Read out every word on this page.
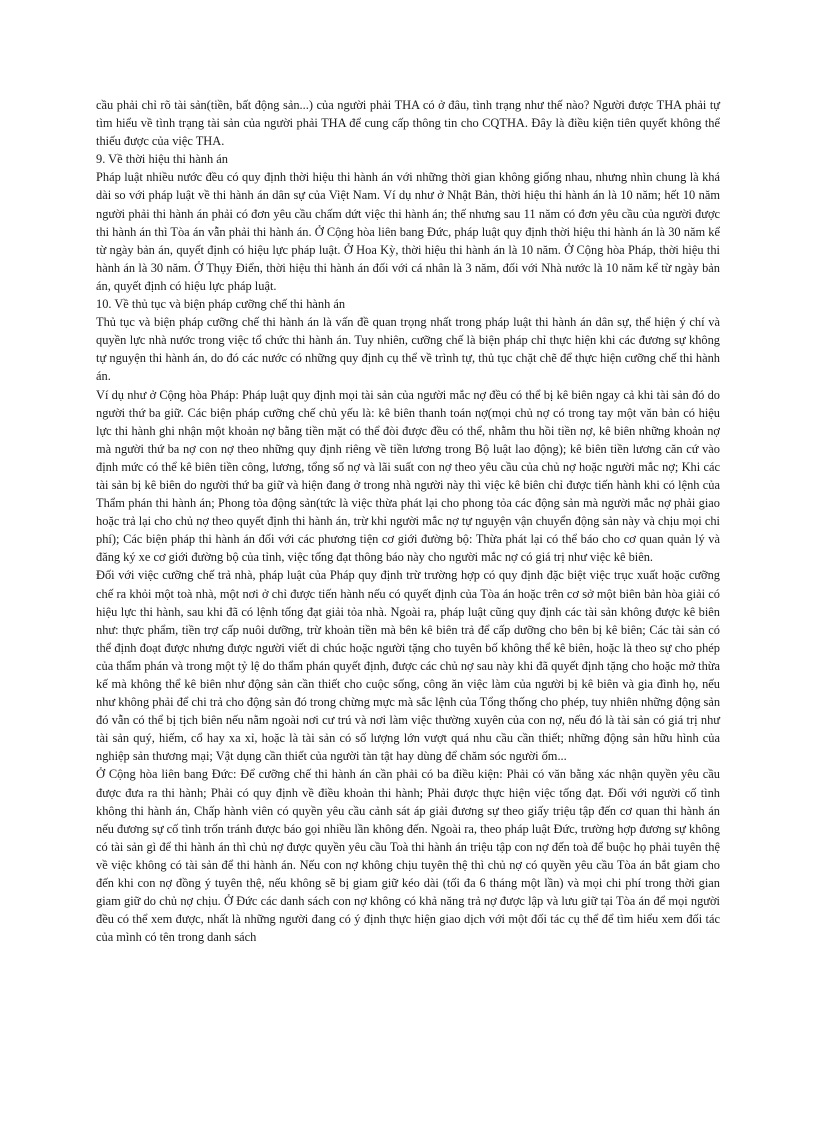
cầu phải chỉ rõ tài sản(tiền, bất động sản...) của người phải THA có ở đâu, tình trạng như thế nào? Người được THA phải tự tìm hiểu về tình trạng tài sản của người phải THA để cung cấp thông tin cho CQTHA. Đây là điều kiện tiên quyết không thể thiếu được của việc THA.

9. Về thời hiệu thi hành án

Pháp luật nhiều nước đều có quy định thời hiệu thi hành án với những thời gian không giống nhau, nhưng nhìn chung là khá dài so với pháp luật về thi hành án dân sự của Việt Nam. Ví dụ như ở Nhật Bản, thời hiệu thi hành án là 10 năm; hết 10 năm người phải thi hành án phải có đơn yêu cầu chấm dứt việc thi hành án; thế nhưng sau 11 năm có đơn yêu cầu của người được thi hành án thì Tòa án vẫn phải thi hành án. Ở Cộng hòa liên bang Đức, pháp luật quy định thời hiệu thi hành án là 30 năm kể từ ngày bản án, quyết định có hiệu lực pháp luật. Ở Hoa Kỳ, thời hiệu thi hành án là 10 năm. Ở Cộng hòa Pháp, thời hiệu thi hành án là 30 năm. Ở Thụy Điển, thời hiệu thi hành án đối với cá nhân là 3 năm, đối với Nhà nước là 10 năm kể từ ngày bản án, quyết định có hiệu lực pháp luật.

10. Về thủ tục và biện pháp cưỡng chế thi hành án

Thủ tục và biện pháp cưỡng chế thi hành án là vấn đề quan trọng nhất trong pháp luật thi hành án dân sự, thể hiện ý chí và quyền lực nhà nước trong việc tổ chức thi hành án. Tuy nhiên, cưỡng chế là biện pháp chỉ thực hiện khi các đương sự không tự nguyện thi hành án, do đó các nước có những quy định cụ thể về trình tự, thủ tục chặt chẽ để thực hiện cưỡng chế thi hành án.

Ví dụ như ở Cộng hòa Pháp: Pháp luật quy định mọi tài sản của người mắc nợ đều có thể bị kê biên ngay cả khi tài sản đó do người thứ ba giữ. Các biện pháp cưỡng chế chủ yếu là: kê biên thanh toán nợ(mọi chủ nợ có trong tay một văn bản có hiệu lực thi hành ghi nhận một khoản nợ bằng tiền mặt có thể đòi được đều có thể, nhằm thu hồi tiền nợ, kê biên những khoản nợ mà người thứ ba nợ con nợ theo những quy định riêng về tiền lương trong Bộ luật lao động); kê biên tiền lương căn cứ vào định mức có thể kê biên tiền công, lương, tổng số nợ và lãi suất con nợ theo yêu cầu của chủ nợ hoặc người mắc nợ; Khi các tài sản bị kê biên do người thứ ba giữ và hiện đang ở trong nhà người này thì việc kê biên chỉ được tiến hành khi có lệnh của Thẩm phán thi hành án; Phong tỏa động sản(tức là việc thừa phát lại cho phong tỏa các động sản mà người mắc nợ phải giao hoặc trả lại cho chủ nợ theo quyết định thi hành án, trừ khi người mắc nợ tự nguyện vận chuyển động sản này và chịu mọi chi phí); Các biện pháp thi hành án đối với các phương tiện cơ giới đường bộ: Thừa phát lại có thể báo cho cơ quan quản lý và đăng ký xe cơ giới đường bộ của tỉnh, việc tống đạt thông báo này cho người mắc nợ có giá trị như việc kê biên.

Đối với việc cưỡng chế trả nhà, pháp luật của Pháp quy định trừ trường hợp có quy định đặc biệt việc trục xuất hoặc cưỡng chế ra khỏi một toà nhà, một nơi ở chỉ được tiến hành nếu có quyết định của Tòa án hoặc trên cơ sở một biên bản hòa giải có hiệu lực thi hành, sau khi đã có lệnh tống đạt giải tỏa nhà. Ngoài ra, pháp luật cũng quy định các tài sản không được kê biên như: thực phẩm, tiền trợ cấp nuôi dưỡng, trừ khoản tiền mà bên kê biên trả để cấp dưỡng cho bên bị kê biên; Các tài sản có thể định đoạt được nhưng được người viết di chúc hoặc người tặng cho tuyên bố không thể kê biên, hoặc là theo sự cho phép của thẩm phán và trong một tỷ lệ do thẩm phán quyết định, được các chủ nợ sau này khi đã quyết định tặng cho hoặc mở thừa kế mà không thể kê biên như động sản cần thiết cho cuộc sống, công ăn việc làm của người bị kê biên và gia đình họ, nếu như không phải để chi trả cho động sản đó trong chừng mực mà sắc lệnh của Tổng thống cho phép, tuy nhiên những động sản đó vẫn có thể bị tịch biên nếu nằm ngoài nơi cư trú và nơi làm việc thường xuyên của con nợ, nếu đó là tài sản có giá trị như tài sản quý, hiếm, cổ hay xa xỉ, hoặc là tài sản có số lượng lớn vượt quá nhu cầu cần thiết; những động sản hữu hình của nghiệp sản thương mại; Vật dụng cần thiết của người tàn tật hay dùng để chăm sóc người ốm...

Ở Cộng hòa liên bang Đức: Để cưỡng chế thi hành án cần phải có ba điều kiện: Phải có văn bằng xác nhận quyền yêu cầu được đưa ra thi hành; Phải có quy định về điều khoản thi hành; Phải được thực hiện việc tống đạt. Đối với người cố tình không thi hành án, Chấp hành viên có quyền yêu cầu cảnh sát áp giải đương sự theo giấy triệu tập đến cơ quan thi hành án nếu đương sự cố tình trốn tránh được báo gọi nhiều lần không đến. Ngoài ra, theo pháp luật Đức, trường hợp đương sự không có tài sản gì để thi hành án thì chủ nợ được quyền yêu cầu Toà thi hành án triệu tập con nợ đến toà để buộc họ phải tuyên thệ về việc không có tài sản để thi hành án. Nếu con nợ không chịu tuyên thệ thì chủ nợ có quyền yêu cầu Tòa án bắt giam cho đến khi con nợ đồng ý tuyên thệ, nếu không sẽ bị giam giữ kéo dài (tối đa 6 tháng một lần) và mọi chi phí trong thời gian giam giữ do chủ nợ chịu. Ở Đức các danh sách con nợ không có khả năng trả nợ được lập và lưu giữ tại Tòa án để mọi người đều có thể xem được, nhất là những người đang có ý định thực hiện giao dịch với một đối tác cụ thể để tìm hiểu xem đối tác của mình có tên trong danh sách
